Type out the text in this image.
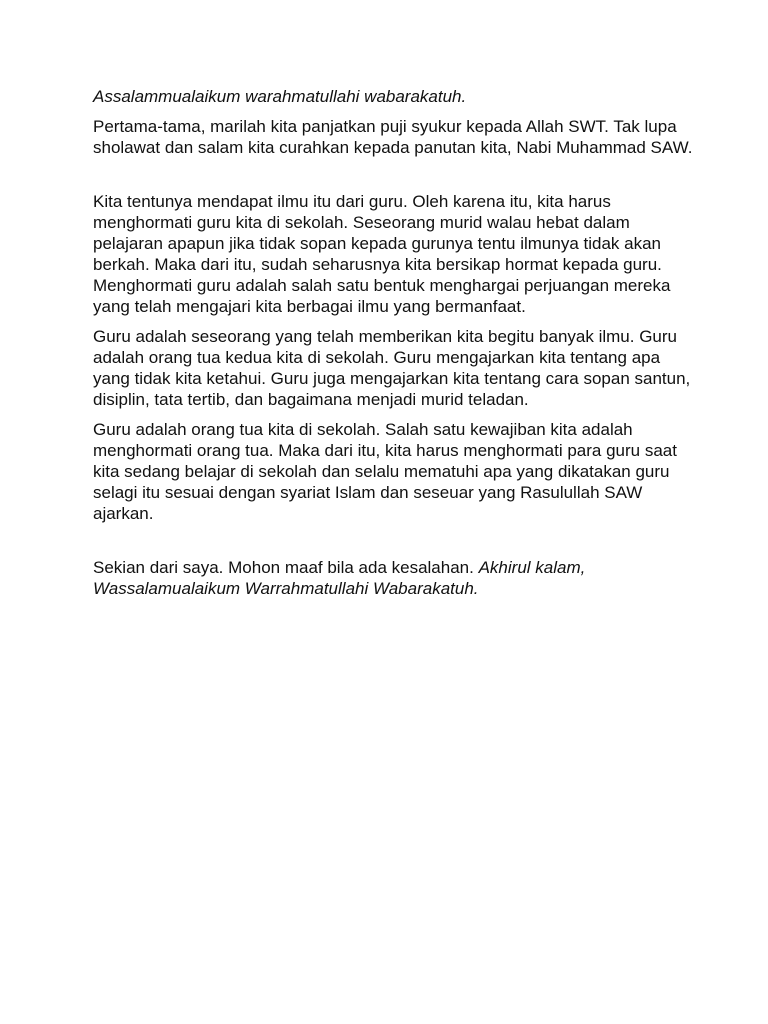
Assalammualaikum warahmatullahi wabarakatuh.

Pertama-tama, marilah kita panjatkan puji syukur kepada Allah SWT. Tak lupa sholawat dan salam kita curahkan kepada panutan kita, Nabi Muhammad SAW.

Kita tentunya mendapat ilmu itu dari guru. Oleh karena itu, kita harus menghormati guru kita di sekolah. Seseorang murid walau hebat dalam pelajaran apapun jika tidak sopan kepada gurunya tentu ilmunya tidak akan berkah. Maka dari itu, sudah seharusnya kita bersikap hormat kepada guru. Menghormati guru adalah salah satu bentuk menghargai perjuangan mereka yang telah mengajari kita berbagai ilmu yang bermanfaat.

Guru adalah seseorang yang telah memberikan kita begitu banyak ilmu. Guru adalah orang tua kedua kita di sekolah. Guru mengajarkan kita tentang apa yang tidak kita ketahui. Guru juga mengajarkan kita tentang cara sopan santun, disiplin, tata tertib, dan bagaimana menjadi murid teladan.

Guru adalah orang tua kita di sekolah. Salah satu kewajiban kita adalah menghormati orang tua. Maka dari itu, kita harus menghormati para guru saat kita sedang belajar di sekolah dan selalu mematuhi apa yang dikatakan guru selagi itu sesuai dengan syariat Islam dan seseuar yang Rasulullah SAW ajarkan.

Sekian dari saya. Mohon maaf bila ada kesalahan. Akhirul kalam,
Wassalamualaikum Warrahmatullahi Wabarakatuh.
